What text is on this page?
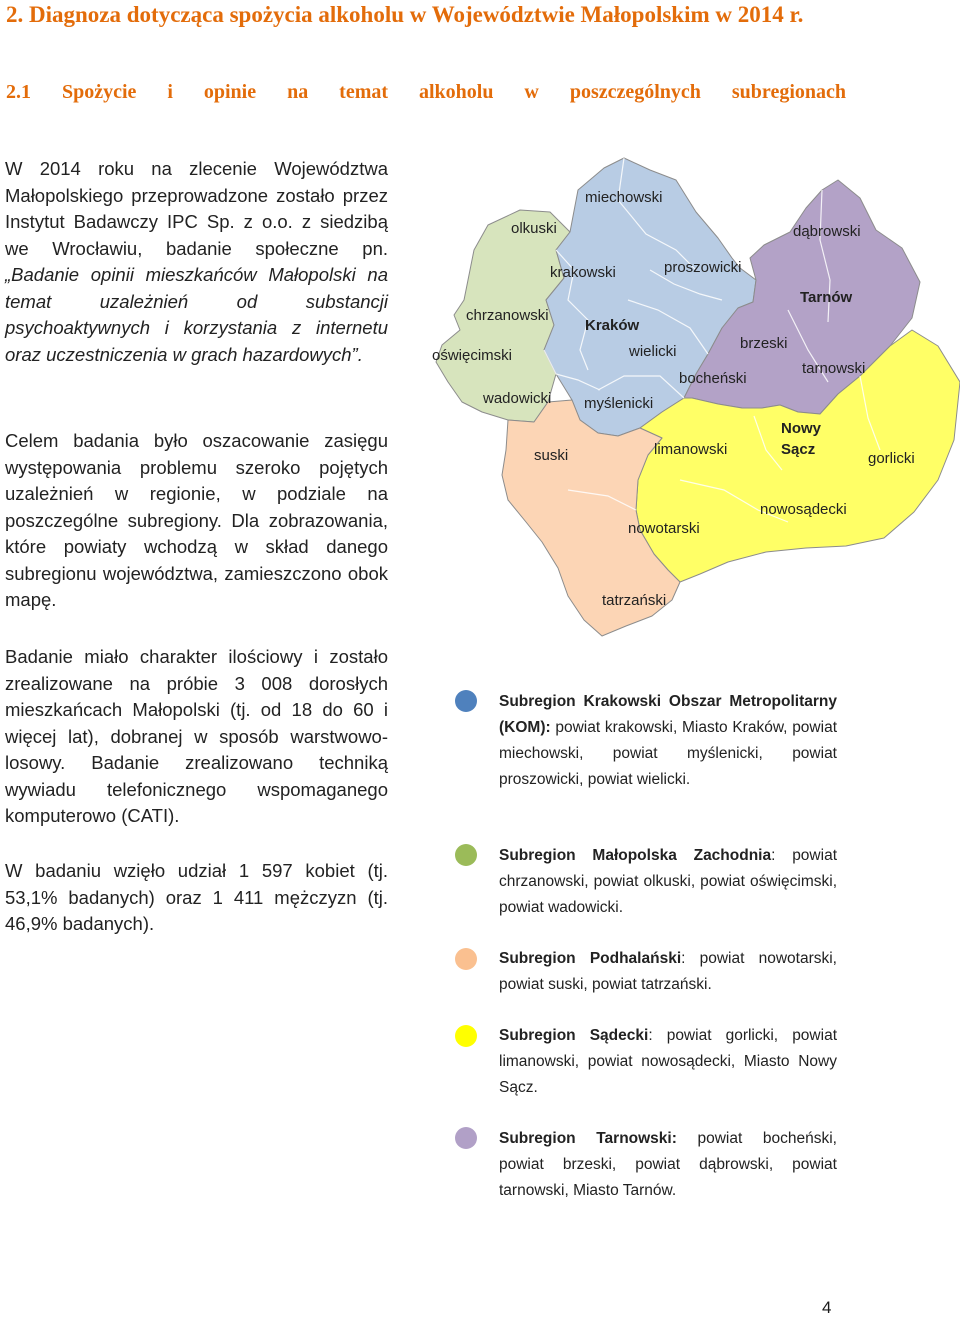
2. Diagnoza dotycząca spożycia alkoholu w Województwie Małopolskim w 2014 r.
2.1 Spożycie i opinie na temat alkoholu w poszczególnych subregionach
W 2014 roku na zlecenie Województwa Małopolskiego przeprowadzone zostało przez Instytut Badawczy IPC Sp. z o.o. z siedzibą we Wrocławiu, badanie społeczne pn. „Badanie opinii mieszkańców Małopolski na temat uzależnień od substancji psychoaktywnych i korzystania z internetu oraz uczestniczenia w grach hazardowych”.
Celem badania było oszacowanie zasięgu występowania problemu szeroko pojętych uzależnień w regionie, w podziale na poszczególne subregiony. Dla zobrazowania, które powiaty wchodzą w skład danego subregionu województwa, zamieszczono obok mapę.
Badanie miało charakter ilościowy i zostało zrealizowane na próbie 3 008 dorosłych mieszkańcach Małopolski (tj. od 18 do 60 i więcej lat), dobranej w sposób warstwowo-losowy. Badanie zrealizowano techniką wywiadu telefonicznego wspomaganego komputerowo (CATI).
W badaniu wzięło udział 1 597 kobiet (tj. 53,1% badanych) oraz 1 411 mężczyzn (tj. 46,9% badanych).
miechowski
olkuski	dąbrowski
krakowski	proszowicki
Tarnów
chrzanowski
Kraków
brzeski
oświęcimski	wielicki
tarnowski
bocheński
wadowicki myślenicki
Nowy
Sącz
suski	limanowski
gorlicki
nowosądecki
nowotarski
tatrzański
Subregion Krakowski Obszar Metropolitarny (KOM): powiat krakowski, Miasto Kraków, powiat miechowski, powiat myślenicki, powiat proszowicki, powiat wielicki.
Subregion Małopolska Zachodnia: powiat chrzanowski, powiat olkuski, powiat oświęcimski, powiat wadowicki.
Subregion Podhalański: powiat nowotarski, powiat suski, powiat tatrzański.
Subregion Sądecki: powiat gorlicki, powiat limanowski, powiat nowosądecki, Miasto Nowy Sącz.
Subregion Tarnowski: powiat bocheński, powiat brzeski, powiat dąbrowski, powiat tarnowski, Miasto Tarnów.
4
